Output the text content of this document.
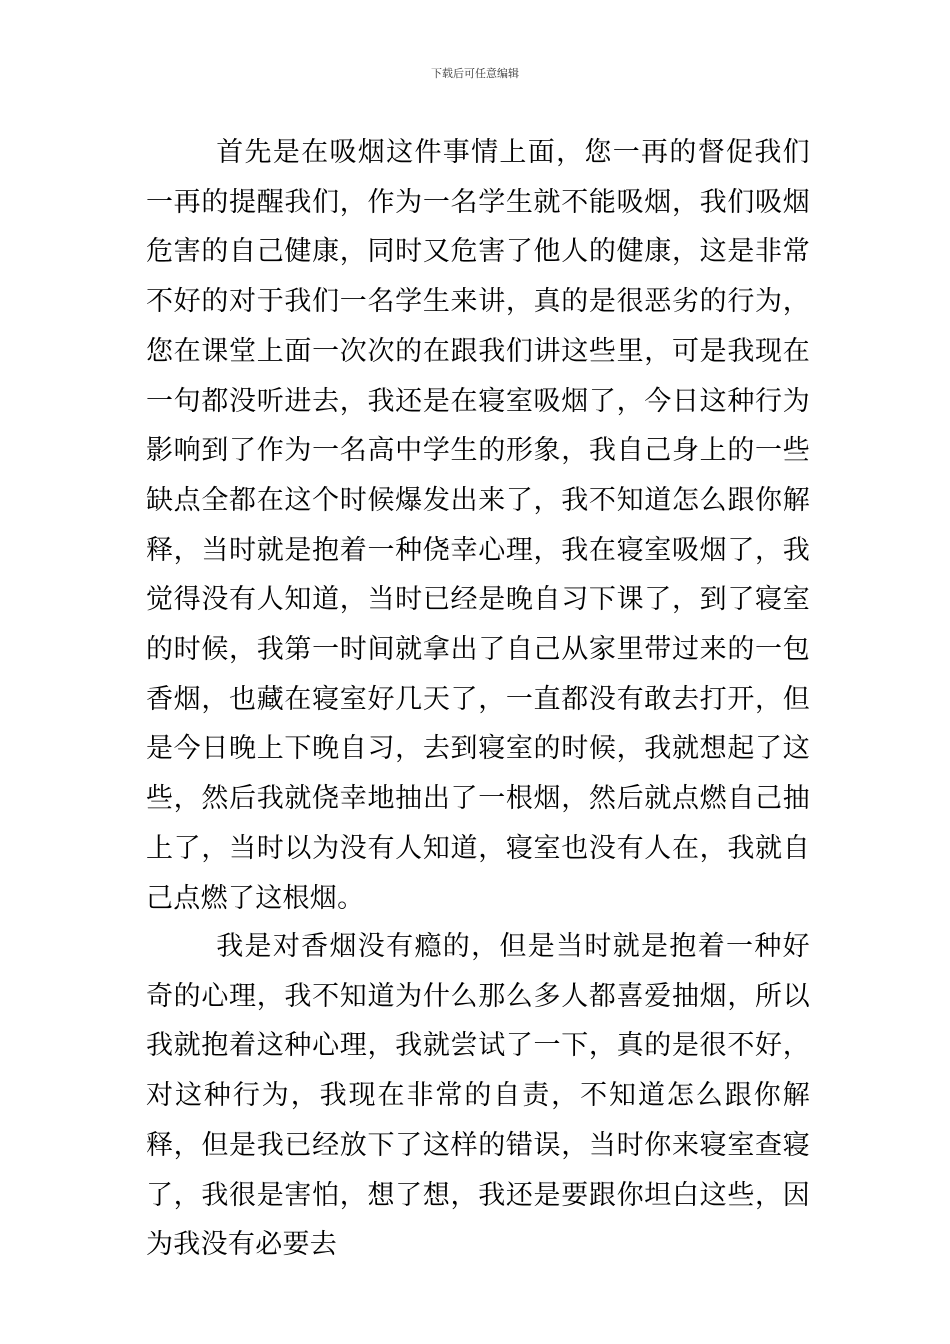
下载后可任意编辑

首先是在吸烟这件事情上面，您一再的督促我们一再的提醒我们，作为一名学生就不能吸烟，我们吸烟危害的自己健康，同时又危害了他人的健康，这是非常不好的对于我们一名学生来讲，真的是很恶劣的行为，您在课堂上面一次次的在跟我们讲这些里，可是我现在一句都没听进去，我还是在寝室吸烟了，今日这种行为影响到了作为一名高中学生的形象，我自己身上的一些缺点全都在这个时候爆发出来了，我不知道怎么跟你解释，当时就是抱着一种侥幸心理，我在寝室吸烟了，我觉得没有人知道，当时已经是晚自习下课了，到了寝室的时候，我第一时间就拿出了自己从家里带过来的一包香烟，也藏在寝室好几天了，一直都没有敢去打开，但是今日晚上下晚自习，去到寝室的时候，我就想起了这些，然后我就侥幸地抽出了一根烟，然后就点燃自己抽上了，当时以为没有人知道，寝室也没有人在，我就自己点燃了这根烟。

我是对香烟没有瘾的，但是当时就是抱着一种好奇的心理，我不知道为什么那么多人都喜爱抽烟，所以我就抱着这种心理，我就尝试了一下，真的是很不好，对这种行为，我现在非常的自责，不知道怎么跟你解释，但是我已经放下了这样的错误，当时你来寝室查寝了，我很是害怕，想了想，我还是要跟你坦白这些，因为我没有必要去
